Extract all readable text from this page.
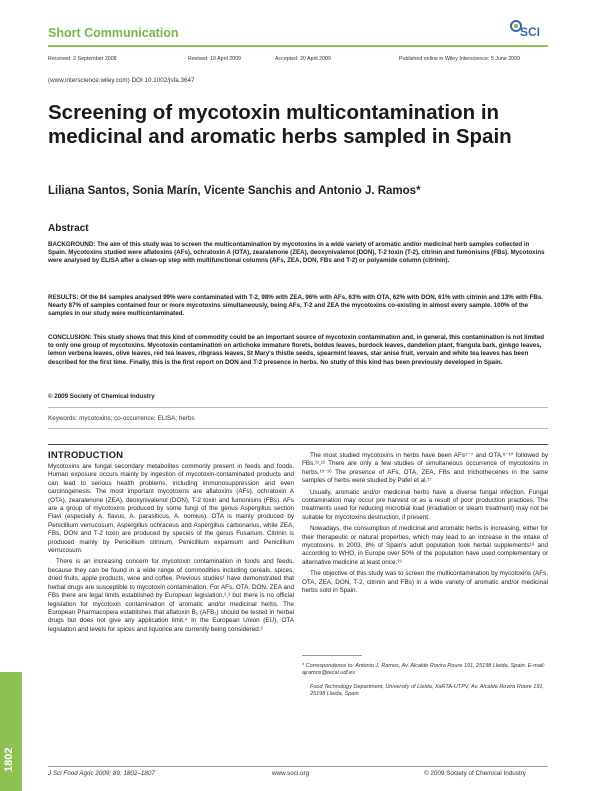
Short Communication	SCI
Received: 2 September 2008	Revised: 10 April 2009	Accepted: 20 April 2009	Published online in Wiley Interscience: 5 June 2009
(www.interscience.wiley.com) DOI 10.1002/jsfa.3647
Screening of mycotoxin multicontamination in medicinal and aromatic herbs sampled in Spain
Liliana Santos, Sonia Marín, Vicente Sanchis and Antonio J. Ramos*
Abstract

BACKGROUND: The aim of this study was to screen the multicontamination by mycotoxins in a wide variety of aromatic and/or medicinal herb samples collected in Spain. Mycotoxins studied were aflatoxins (AFs), ochratoxin A (OTA), zearalenone (ZEA), deoxynivalenol (DON), T-2 toxin (T-2), citrinin and fumonisins (FBs). Mycotoxins were analysed by ELISA after a clean-up step with multifunctional columns (AFs, ZEA, DON, FBs and T-2) or polyamide column (citrinin).

RESULTS: Of the 84 samples analysed 99% were contaminated with T-2, 98% with ZEA, 96% with AFs, 63% with OTA, 62% with DON, 61% with citrinin and 13% with FBs. Nearly 87% of samples contained four or more mycotoxins simultaneously, being AFs, T-2 and ZEA the mycotoxins co-existing in almost every sample. 100% of the samples in our study were multicontaminated.

CONCLUSION: This study shows that this kind of commodity could be an important source of mycotoxin contamination and, in general, this contamination is not limited to only one group of mycotoxins. Mycotoxin contamination on artichoke immature florets, boldus leaves, burdock leaves, dandelion plant, frangula bark, ginkgo leaves, lemon verbena leaves, olive leaves, red tea leaves, ribgrass leaves, St Mary's thistle seeds, spearmint leaves, star anise fruit, vervain and white tea leaves has been described for the first time. Finally, this is the first report on DON and T-2 presence in herbs. No study of this kind has been previously developed in Spain.

© 2009 Society of Chemical Industry
Keywords: mycotoxins; co-occurrence; ELISA; herbs
INTRODUCTION

Mycotoxins are fungal secondary metabolites commonly present in feeds and foods. Human exposure occurs mainly by ingestion of mycotoxin-contaminated products and can lead to serious health problems, including immunosuppression and even carcinogenesis. The most important mycotoxins are aflatoxins (AFs), ochratoxin A (OTA), zearalenone (ZEA), deoxynivalenol (DON), T-2 toxin and fumonisins (FBs). AFs are a group of mycotoxins produced by some fungi of the genus Aspergillus section Flavi (especially A. flavus, A. parasiticus, A. nomius). OTA is mainly produced by Penicillium verrucosum, Aspergillus ochraceus and Aspergillus carbonarius, while ZEA, FBs, DON and T-2 toxin are produced by species of the genus Fusarium. Citrinin is produced mainly by Penicillium citrinum, Penicillium expansum and Penicillium verrucosum.

There is an increasing concern for mycotoxin contamination in foods and feeds, because they can be found in a wide range of commodities including cereals, spices, dried fruits, apple products, wine and coffee. Previous studies¹ have demonstrated that herbal drugs are susceptible to mycotoxin contamination. For AFs, OTA, DON, ZEA and FBs there are legal limits established by European legislation,²,³ but there is no official legislation for mycotoxin contamination of aromatic and/or medicinal herbs. The European Pharmacopeia establishes that aflatoxin B₁ (AFB₁) should be tested in herbal drugs but does not give any application limit.⁴ In the European Union (EU), OTA legislation and levels for spices and liquorice are currently being considered.²

The most studied mycotoxins in herbs have been AFs⁵⁻⁷ and OTA,⁸⁻¹⁰ followed by FBs.¹¹,¹² There are only a few studies of simultaneous occurrence of mycotoxins in herbs.¹³⁻¹⁶ The presence of AFs, OTA, ZEA, FBs and trichothecenes in the same samples of herbs were studied by Patel et al.¹⁷

Usually, aromatic and/or medicinal herbs have a diverse fungal infection. Fungal contamination may occur pre harvest or as a result of poor production practices. The treatments used for reducing microbial load (irradiation or steam treatment) may not be suitable for mycotoxins destruction, if present.

Nowadays, the consumption of medicinal and aromatic herbs is increasing, either for their therapeutic or natural properties, which may lead to an increase in the intake of mycotoxins. In 2003, 8% of Spain's adult population took herbal supplements¹⁸ and according to WHO, in Europe over 50% of the population have used complementary or alternative medicine at least once.¹⁹

The objective of this study was to screen the multicontamination by mycotoxins (AFs, OTA, ZEA, DON, T-2, citrinin and FBs) in a wide variety of aromatic and/or medicinal herbs sold in Spain.

* Correspondence to: Antonio J. Ramos, Av. Alcalde Rovira Roure 191, 25198 Lleida, Spain. E-mail: ajramos@tecal.udl.es
Food Technology Department, University of Lleida, XaRTA-UTPV, Av. Alcalde Rovira Roure 191, 25198 Lleida, Spain
1802
J Sci Food Agric 2009; 89: 1802–1807	www.soci.org	© 2009 Society of Chemical Industry
